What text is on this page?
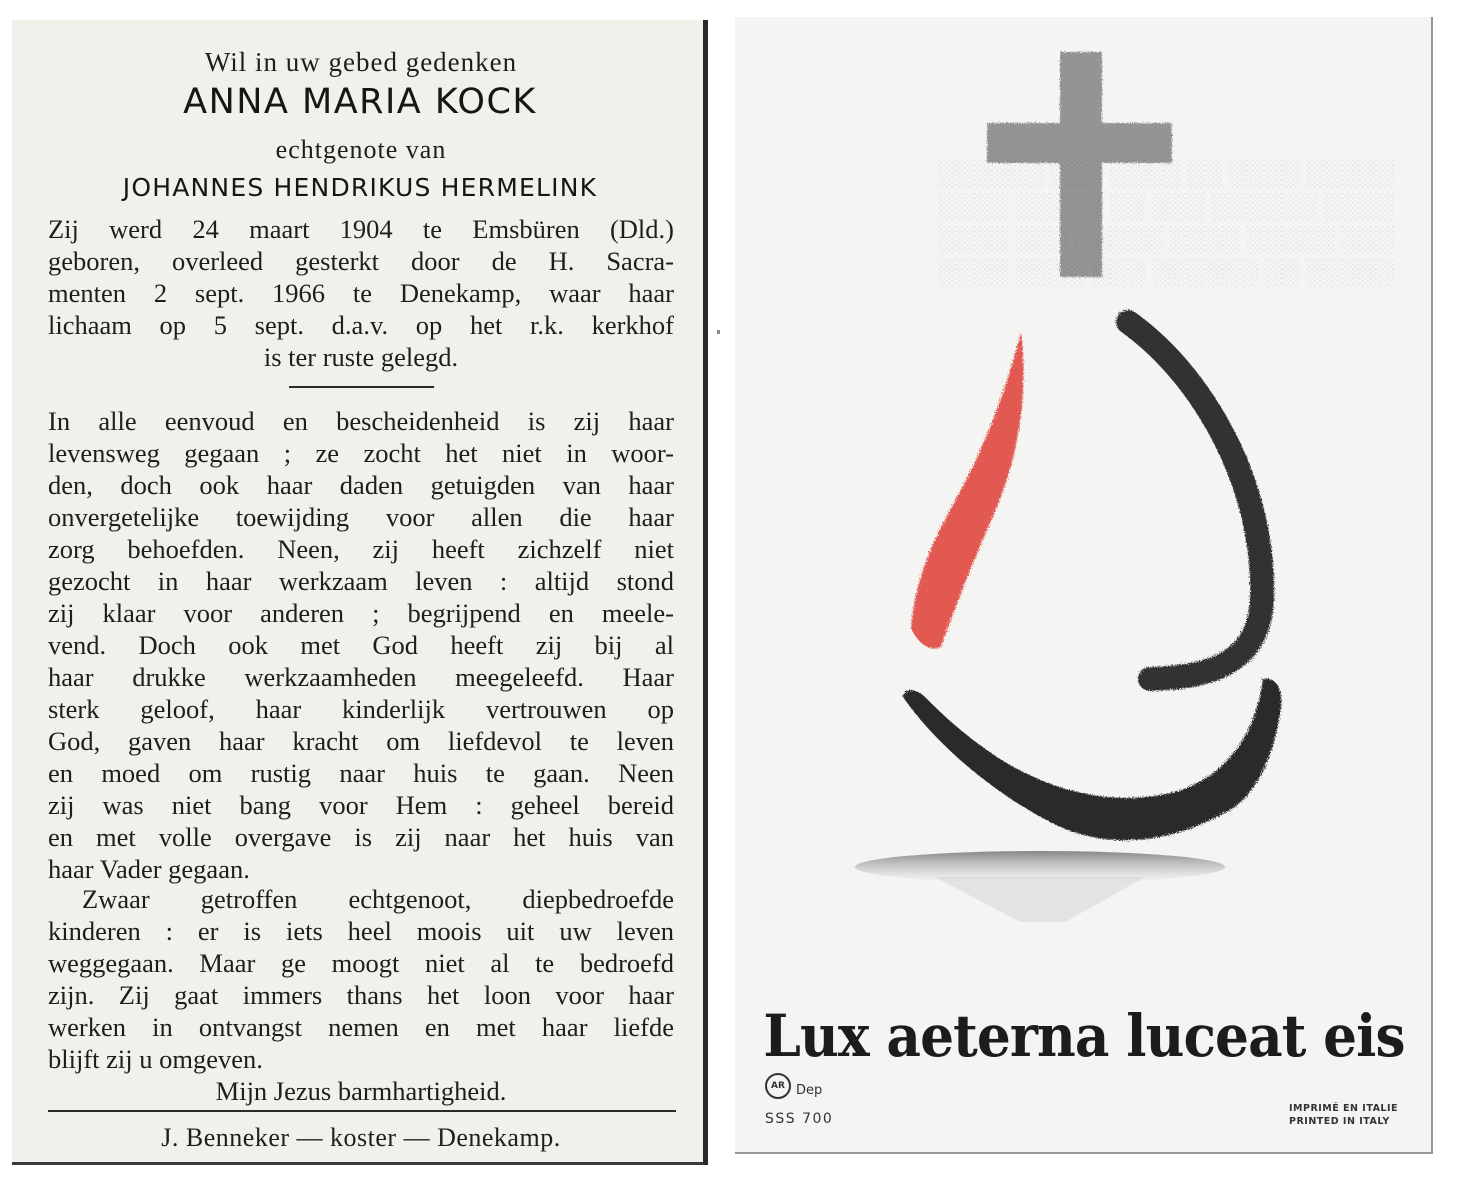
Wil in uw gebed gedenken
ANNA MARIA KOCK
echtgenote van
JOHANNES HENDRIKUS HERMELINK
Zij werd 24 maart 1904 te Emsbüren (Dld.)
geboren, overleed gesterkt door de H. Sacra-
menten 2 sept. 1966 te Denekamp, waar haar
lichaam op 5 sept. d.a.v. op het r.k. kerkhof
is ter ruste gelegd.
In alle eenvoud en bescheidenheid is zij haar
levensweg gegaan ; ze zocht het niet in woor-
den, doch ook haar daden getuigden van haar
onvergetelijke toewijding voor allen die haar
zorg behoefden. Neen, zij heeft zichzelf niet
gezocht in haar werkzaam leven : altijd stond
zij klaar voor anderen ; begrijpend en meele-
vend. Doch ook met God heeft zij bij al
haar drukke werkzaamheden meegeleefd. Haar
sterk geloof, haar kinderlijk vertrouwen op
God, gaven haar kracht om liefdevol te leven
en moed om rustig naar huis te gaan. Neen
zij was niet bang voor Hem : geheel bereid
en met volle overgave is zij naar het huis van
haar Vader gegaan.
Zwaar getroffen echtgenoot, diepbedroefde
kinderen : er is iets heel moois uit uw leven
weggegaan. Maar ge moogt niet al te bedroefd
zijn. Zij gaat immers thans het loon voor haar
werken in ontvangst nemen en met haar liefde
blijft zij u omgeven.
Mijn Jezus barmhartigheid.
J. Benneker — koster — Denekamp.
░░░░░ ░░░░ ░░ ░░░░ ░░░ ░░░░░░
░░░░ ░░░░░░ ░░░ ░░ ░░░░░ ░░░░
░░░ ░░░░░ ░░░░ ░░░░░ ░░░ ░░░░
░░░░░ ░░ ░░░░░░ ░░░ ░░░░ ░░░░
Lux aeterna luceat eis
AR Dep
SSS 700
IMPRIMÉ EN ITALIE
PRINTED IN ITALY
